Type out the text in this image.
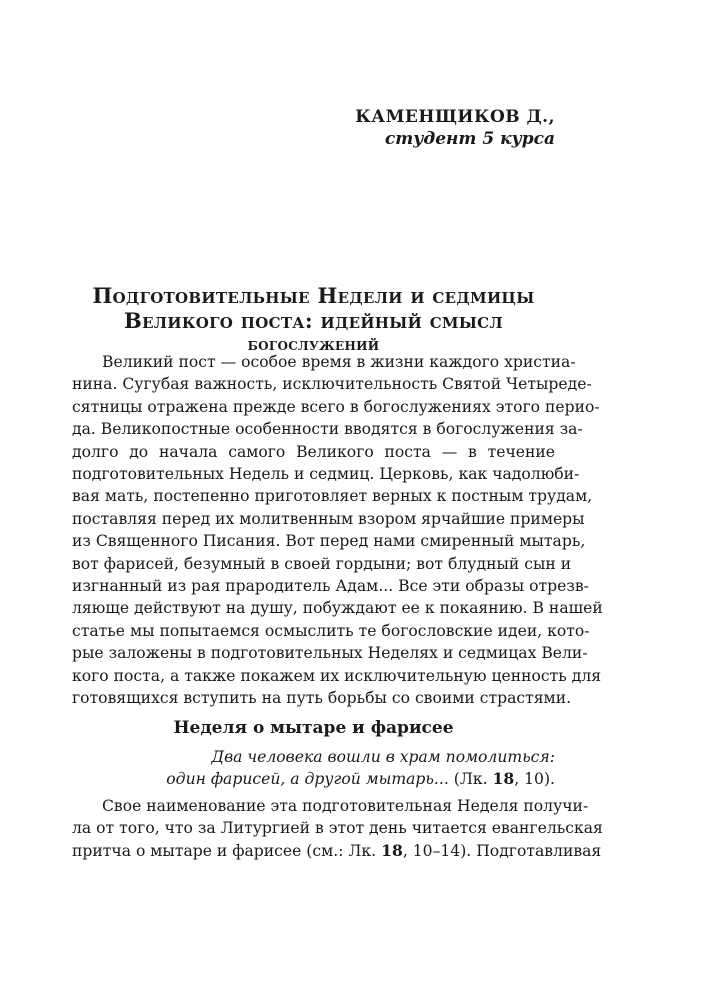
КАМЕНЩИКОВ Д.,
студент 5 курса
Подготовительные Недели и седмицы
Великого поста: идейный смысл
богослужений
Великий пост — особое время в жизни каждого христиа-
нина. Сугубая важность, исключительность Святой Четыреде-
сятницы отражена прежде всего в богослужениях этого перио-
да. Великопостные особенности вводятся в богослужения за-
долго до начала самого Великого поста — в течение
подготовительных Недель и седмиц. Церковь, как чадолюби-
вая мать, постепенно приготовляет верных к постным трудам,
поставляя перед их молитвенным взором ярчайшие примеры
из Священного Писания. Вот перед нами смиренный мытарь,
вот фарисей, безумный в своей гордыни; вот блудный сын и
изгнанный из рая прародитель Адам... Все эти образы отрезв-
ляюще действуют на душу, побуждают ее к покаянию. В нашей
статье мы попытаемся осмыслить те богословские идеи, кото-
рые заложены в подготовительных Неделях и седмицах Вели-
кого поста, а также покажем их исключительную ценность для
готовящихся вступить на путь борьбы со своими страстями.
Неделя о мытаре и фарисее
Два человека вошли в храм помолиться:
один фарисей, а другой мытарь... (Лк. 18, 10).
Свое наименование эта подготовительная Неделя получи-
ла от того, что за Литургией в этот день читается евангельская
притча о мытаре и фарисее (см.: Лк. 18, 10–14). Подготавливая
